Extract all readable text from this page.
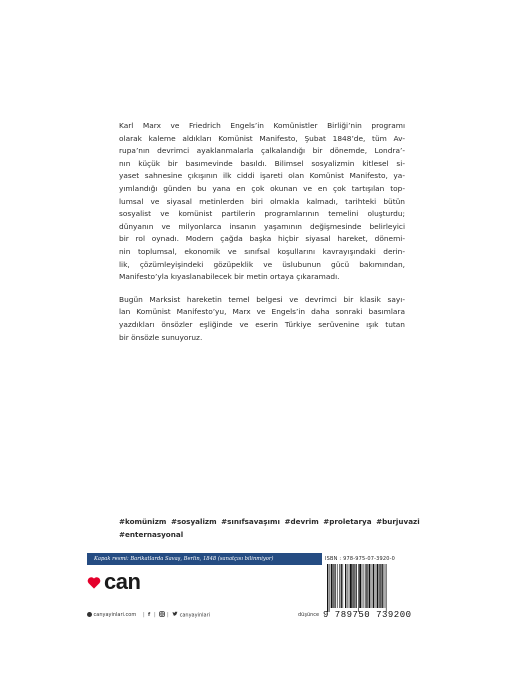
Karl Marx ve Friedrich Engels’in Komünistler Birliği’nin programı
olarak kaleme aldıkları Komünist Manifesto, Şubat 1848’de, tüm Av-
rupa’nın devrimci ayaklanmalarla çalkalandığı bir dönemde, Londra’-
nın küçük bir basımevinde basıldı. Bilimsel sosyalizmin kitlesel si-
yaset sahnesine çıkışının ilk ciddi işareti olan Komünist Manifesto, ya-
yımlandığı günden bu yana en çok okunan ve en çok tartışılan top-
lumsal ve siyasal metinlerden biri olmakla kalmadı, tarihteki bütün
sosyalist ve komünist partilerin programlarının temelini oluşturdu;
dünyanın ve milyonlarca insanın yaşamının değişmesinde belirleyici
bir rol oynadı. Modern çağda başka hiçbir siyasal hareket, dönemi-
nin toplumsal, ekonomik ve sınıfsal koşullarını kavrayışındaki derin-
lik, çözümleyişindeki gözüpeklik ve üslubunun gücü bakımından,
Manifesto’yla kıyaslanabilecek bir metin ortaya çıkaramadı.

Bugün Marksist hareketin temel belgesi ve devrimci bir klasik sayı-
lan Komünist Manifesto’yu, Marx ve Engels’in daha sonraki basımlara
yazdıkları önsözler eşliğinde ve eserin Türkiye serüvenine ışık tutan
bir önsözle sunuyoruz.

#komünizm #sosyalizm #sınıfsavaşımı #devrim #proletarya #burjuvazi
#enternasyonal
Kapak resmi: Barikatlarda Savaş, Berlin, 1848 (sanatçısı bilinmiyor)
can
canyayinlari.com | f | |	canyayinlari	düşünce
ISBN : 978-975-07-3920-0
9 789750 739200
